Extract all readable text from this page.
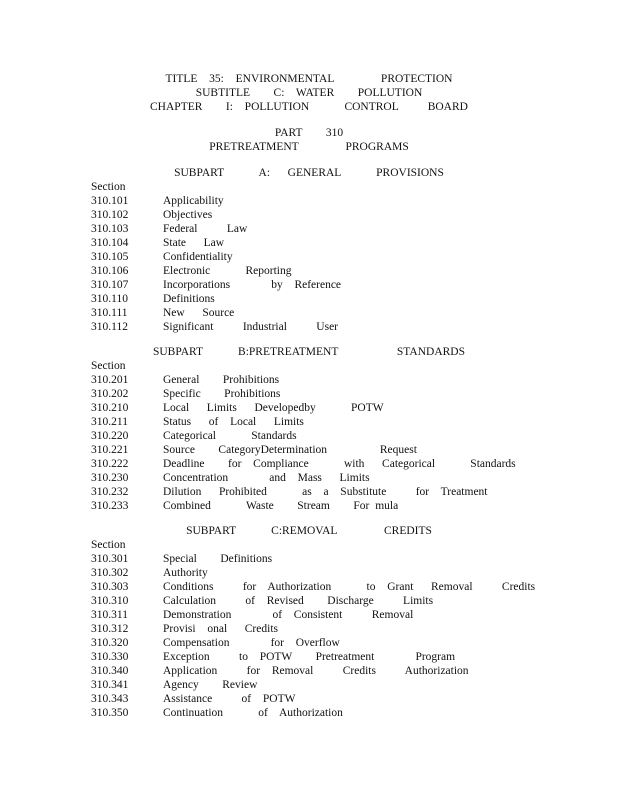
TITLE  35:  ENVIRONMENTAL        PROTECTION
SUBTITLE    C:  WATER    POLLUTION
CHAPTER    I:  POLLUTION      CONTROL     BOARD
PART    310
PRETREATMENT        PROGRAMS
SUBPART      A:   GENERAL      PROVISIONS
Section
310.101	Applicability
310.102	Objectives
310.103	Federal     Law
310.104	State   Law
310.105	Confidentiality
310.106	Electronic      Reporting
310.107	Incorporations       by  Reference
310.110	Definitions
310.111	New   Source
310.112	Significant     Industrial     User
SUBPART      B:PRETREATMENT          STANDARDS
Section
310.201	General    Prohibitions
310.202	Specific    Prohibitions
310.210	Local   Limits   Developedby      POTW
310.211	Status   of  Local   Limits
310.220	Categorical      Standards
310.221	Source    CategoryDetermination         Request
310.222	Deadline    for  Compliance      with   Categorical      Standards
310.230	Concentration       and  Mass   Limits
310.232	Dilution   Prohibited      as  a  Substitute     for  Treatment
310.233	Combined      Waste    Stream    For mula
SUBPART      C:REMOVAL        CREDITS
Section
310.301	Special    Definitions
310.302	Authority
310.303	Conditions     for  Authorization      to  Grant   Removal     Credits
310.310	Calculation     of  Revised    Discharge     Limits
310.311	Demonstration       of  Consistent     Removal
310.312	Provisi  onal   Credits
310.320	Compensation       for  Overflow
310.330	Exception     to  POTW    Pretreatment       Program
310.340	Application     for  Removal     Credits     Authorization
310.341	Agency    Review
310.343	Assistance     of  POTW
310.350	Continuation      of  Authorization
